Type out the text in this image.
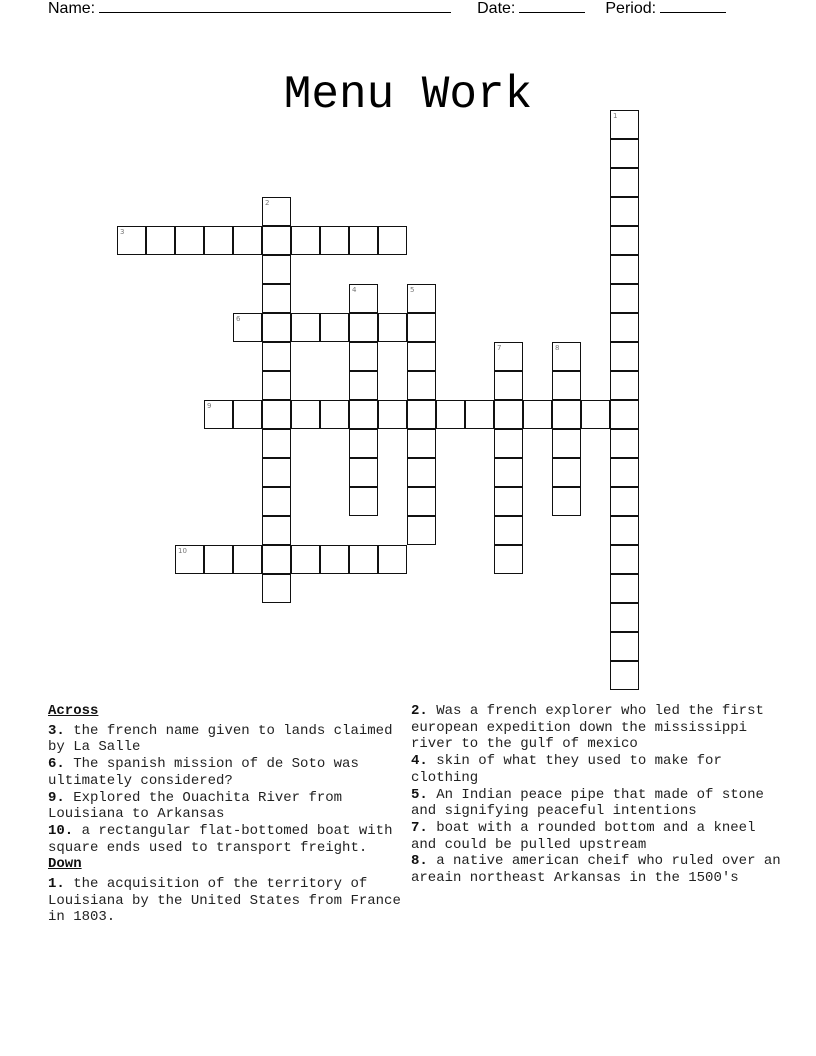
Name:	Date:	Period:
Menu Work	1
2
3
4	5
6
7	8
9
10
Across
3. the french name given to lands claimed by La Salle
6. The spanish mission of de Soto was ultimately considered?
9. Explored the Ouachita River from Louisiana to Arkansas
10. a rectangular flat-bottomed boat with square ends used to transport freight.
Down
1. the acquisition of the territory of Louisiana by the United States from France in 1803.
2. Was a french explorer who led the first european expedition down the mississippi river to the gulf of mexico
4. skin of what they used to make for clothing
5. An Indian peace pipe that made of stone and signifying peaceful intentions
7. boat with a rounded bottom and a kneel and could be pulled upstream
8. a native american cheif who ruled over an areain northeast Arkansas in the 1500's
